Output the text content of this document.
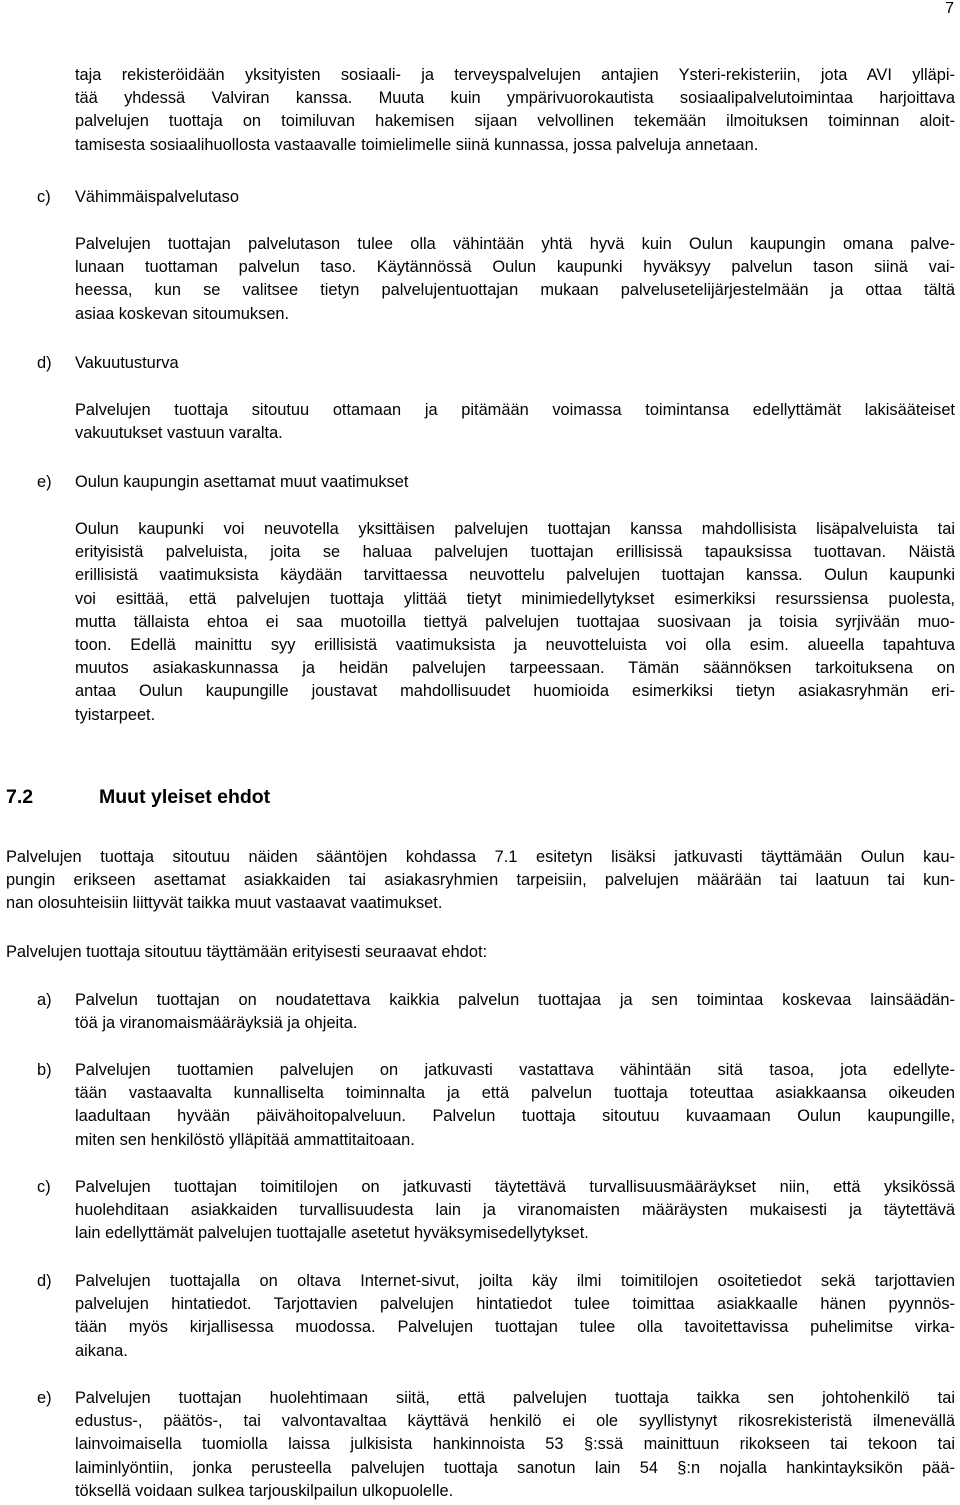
7
taja rekisteröidään yksityisten sosiaali- ja terveyspalvelujen antajien Ysteri-rekisteriin, jota AVI ylläpi-
tää yhdessä Valviran kanssa. Muuta kuin ympärivuorokautista sosiaalipalvelutoimintaa harjoittava
palvelujen tuottaja on toimiluvan hakemisen sijaan velvollinen tekemään ilmoituksen toiminnan aloit-
tamisesta sosiaalihuollosta vastaavalle toimielimelle siinä kunnassa, jossa palveluja annetaan.
c) Vähimmäispalvelutaso
Palvelujen tuottajan palvelutason tulee olla vähintään yhtä hyvä kuin Oulun kaupungin omana palve-
lunaan tuottaman palvelun taso. Käytännössä Oulun kaupunki hyväksyy palvelun tason siinä vai-
heessa, kun se valitsee tietyn palvelujentuottajan mukaan palvelusetelijärjestelmään ja ottaa tältä
asiaa koskevan sitoumuksen.
d) Vakuutusturva
Palvelujen tuottaja sitoutuu ottamaan ja pitämään voimassa toimintansa edellyttämät lakisääteiset
vakuutukset vastuun varalta.
e) Oulun kaupungin asettamat muut vaatimukset
Oulun kaupunki voi neuvotella yksittäisen palvelujen tuottajan kanssa mahdollisista lisäpalveluista tai
erityisistä palveluista, joita se haluaa palvelujen tuottajan erillisissä tapauksissa tuottavan. Näistä
erillisistä vaatimuksista käydään tarvittaessa neuvottelu palvelujen tuottajan kanssa. Oulun kaupunki
voi esittää, että palvelujen tuottaja ylittää tietyt minimiedellytykset esimerkiksi resurssiensa puolesta,
mutta tällaista ehtoa ei saa muotoilla tiettyä palvelujen tuottajaa suosivaan ja toisia syrjivään muo-
toon. Edellä mainittu syy erillisistä vaatimuksista ja neuvotteluista voi olla esim. alueella tapahtuva
muutos asiakaskunnassa ja heidän palvelujen tarpeessaan. Tämän säännöksen tarkoituksena on
antaa Oulun kaupungille joustavat mahdollisuudet huomioida esimerkiksi tietyn asiakasryhmän eri-
tyistarpeet.
7.2	Muut yleiset ehdot
Palvelujen tuottaja sitoutuu näiden sääntöjen kohdassa 7.1 esitetyn lisäksi jatkuvasti täyttämään Oulun kau-
pungin erikseen asettamat asiakkaiden tai asiakasryhmien tarpeisiin, palvelujen määrään tai laatuun tai kun-
nan olosuhteisiin liittyvät taikka muut vastaavat vaatimukset.
Palvelujen tuottaja sitoutuu täyttämään erityisesti seuraavat ehdot:
a) Palvelun tuottajan on noudatettava kaikkia palvelun tuottajaa ja sen toimintaa koskevaa lainsäädän-
töä ja viranomaismääräyksiä ja ohjeita.
b) Palvelujen tuottamien palvelujen on jatkuvasti vastattava vähintään sitä tasoa, jota edellyte-
tään vastaavalta kunnalliselta toiminnalta ja että palvelun tuottaja toteuttaa asiakkaansa oikeuden
laadultaan hyvään päivähoitopalveluun. Palvelun tuottaja sitoutuu kuvaamaan Oulun kaupungille,
miten sen henkilöstö ylläpitää ammattitaitoaan.
c) Palvelujen tuottajan toimitilojen on jatkuvasti täytettävä turvallisuusmääräykset niin, että yksikössä
huolehditaan asiakkaiden turvallisuudesta lain ja viranomaisten määräysten mukaisesti ja täytettävä
lain edellyttämät palvelujen tuottajalle asetetut hyväksymisedellytykset.
d) Palvelujen tuottajalla on oltava Internet-sivut, joilta käy ilmi toimitilojen osoitetiedot sekä tarjottavien
palvelujen hintatiedot. Tarjottavien palvelujen hintatiedot tulee toimittaa asiakkaalle hänen pyynnös-
tään myös kirjallisessa muodossa. Palvelujen tuottajan tulee olla tavoitettavissa puhelimitse virka-
aikana.
e) Palvelujen tuottajan huolehtimaan siitä, että palvelujen tuottaja taikka sen johtohenkilö tai
edustus-, päätös-, tai valvontavaltaa käyttävä henkilö ei ole syyllistynyt rikosrekisteristä ilmenevällä
lainvoimaisella tuomiolla laissa julkisista hankinnoista 53 §:ssä mainittuun rikokseen tai tekoon tai
laiminlyöntiin, jonka perusteella palvelujen tuottaja sanotun lain 54 §:n nojalla hankintayksikön pää-
töksellä voidaan sulkea tarjouskilpailun ulkopuolelle.
